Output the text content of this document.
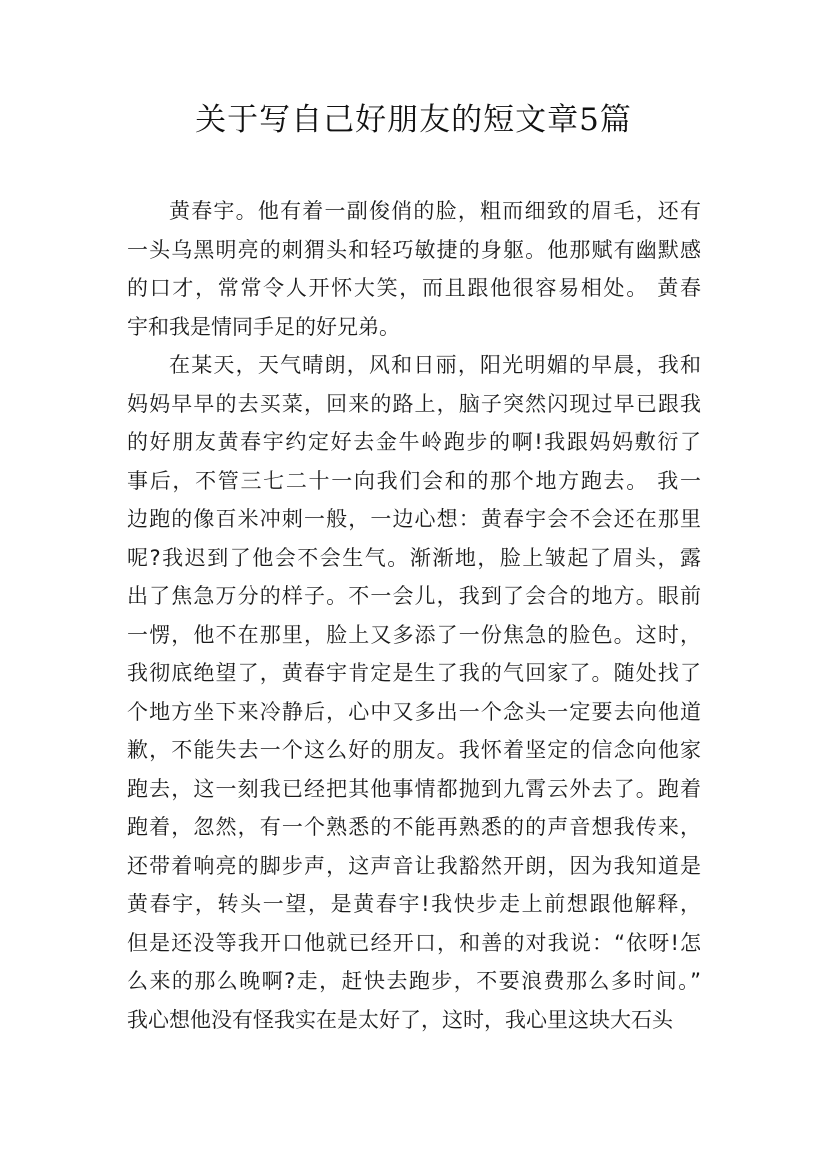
关于写自己好朋友的短文章5篇
黄春宇。他有着一副俊俏的脸，粗而细致的眉毛，还有
一头乌黑明亮的刺猬头和轻巧敏捷的身躯。他那赋有幽默感
的口才，常常令人开怀大笑，而且跟他很容易相处。 黄春
宇和我是情同手足的好兄弟。
在某天，天气晴朗，风和日丽，阳光明媚的早晨，我和
妈妈早早的去买菜，回来的路上，脑子突然闪现过早已跟我
的好朋友黄春宇约定好去金牛岭跑步的啊!我跟妈妈敷衍了
事后，不管三七二十一向我们会和的那个地方跑去。 我一
边跑的像百米冲刺一般，一边心想：黄春宇会不会还在那里
呢?我迟到了他会不会生气。渐渐地，脸上皱起了眉头，露
出了焦急万分的样子。不一会儿，我到了会合的地方。眼前
一愣，他不在那里，脸上又多添了一份焦急的脸色。这时，
我彻底绝望了，黄春宇肯定是生了我的气回家了。随处找了
个地方坐下来冷静后，心中又多出一个念头一定要去向他道
歉，不能失去一个这么好的朋友。我怀着坚定的信念向他家
跑去，这一刻我已经把其他事情都抛到九霄云外去了。跑着
跑着，忽然，有一个熟悉的不能再熟悉的的声音想我传来，
还带着响亮的脚步声，这声音让我豁然开朗，因为我知道是
黄春宇，转头一望，是黄春宇!我快步走上前想跟他解释，
但是还没等我开口他就已经开口，和善的对我说：“依呀!怎
么来的那么晚啊?走，赶快去跑步，不要浪费那么多时间。”
我心想他没有怪我实在是太好了，这时，我心里这块大石头
